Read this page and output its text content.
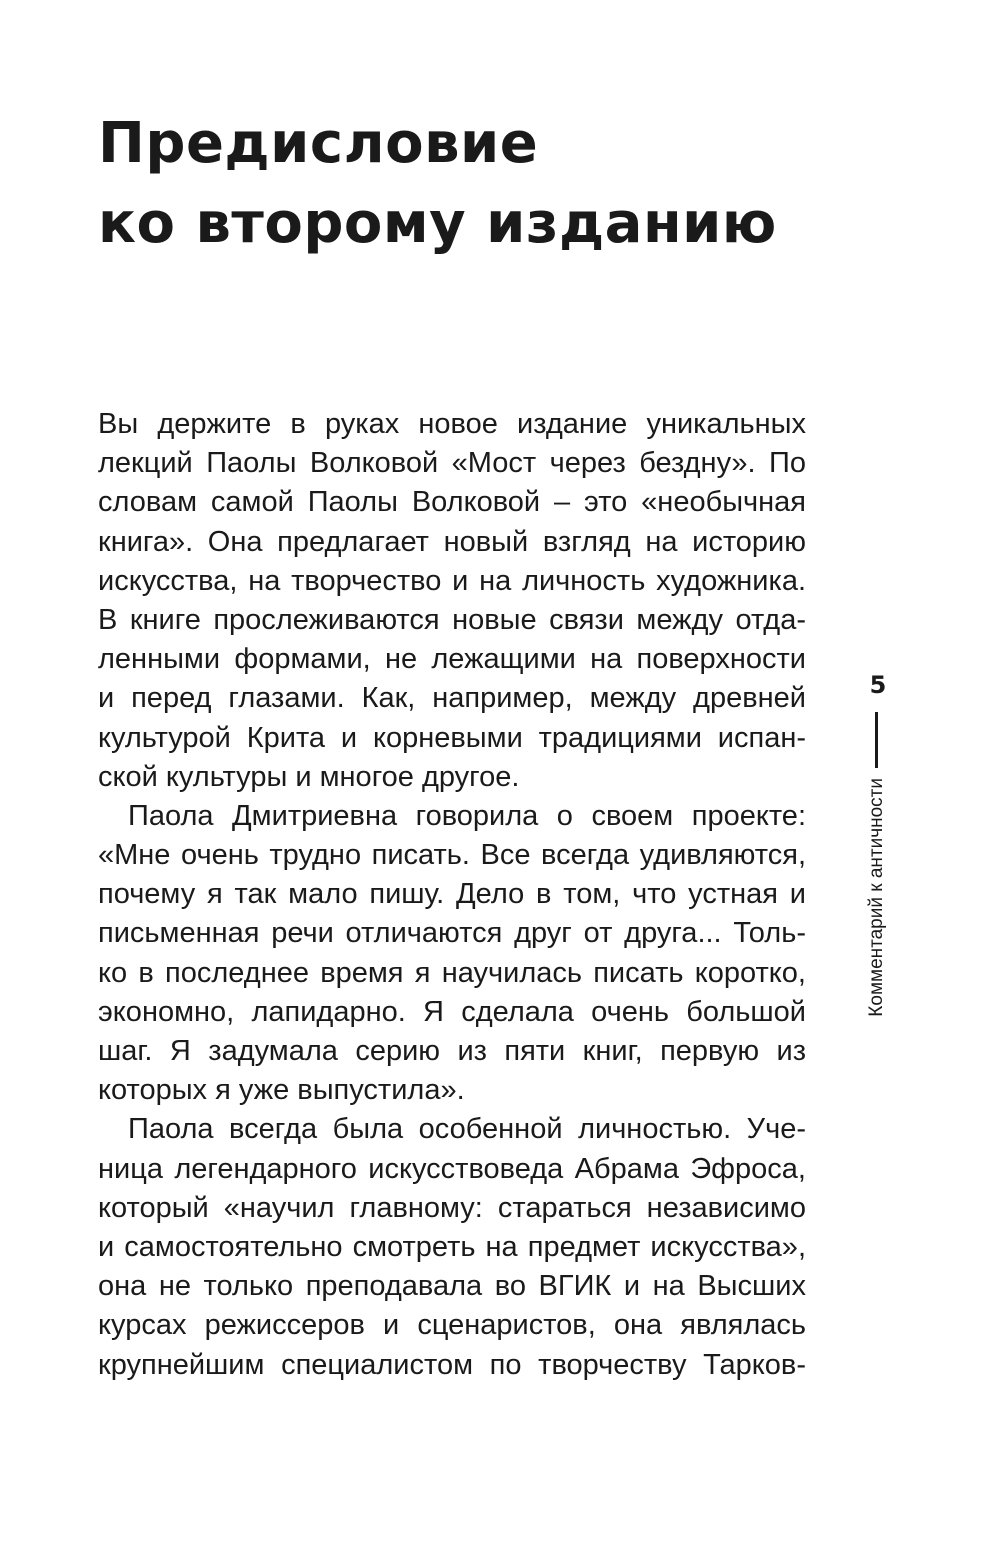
Предисловие
ко второму изданию
Вы держите в руках новое издание уникальных
лекций Паолы Волковой «Мост через бездну». По
словам самой Паолы Волковой – это «необычная
книга». Она предлагает новый взгляд на историю
искусства, на творчество и на личность художника.
В книге прослеживаются новые связи между отда-
ленными формами, не лежащими на поверхности
и перед глазами. Как, например, между древней
культурой Крита и корневыми традициями испан-
ской культуры и многое другое.
Паола Дмитриевна говорила о своем проекте:
«Мне очень трудно писать. Все всегда удивляются,
почему я так мало пишу. Дело в том, что устная и
письменная речи отличаются друг от друга... Толь-
ко в последнее время я научилась писать коротко,
экономно, лапидарно. Я сделала очень большой
шаг. Я задумала серию из пяти книг, первую из
которых я уже выпустила».
Паола всегда была особенной личностью. Уче-
ница легендарного искусствоведа Абрама Эфроса,
который «научил главному: стараться независимо
и самостоятельно смотреть на предмет искусства»,
она не только преподавала во ВГИК и на Высших
курсах режиссеров и сценаристов, она являлась
крупнейшим специалистом по творчеству Тарков-
5
Комментарий к античности
